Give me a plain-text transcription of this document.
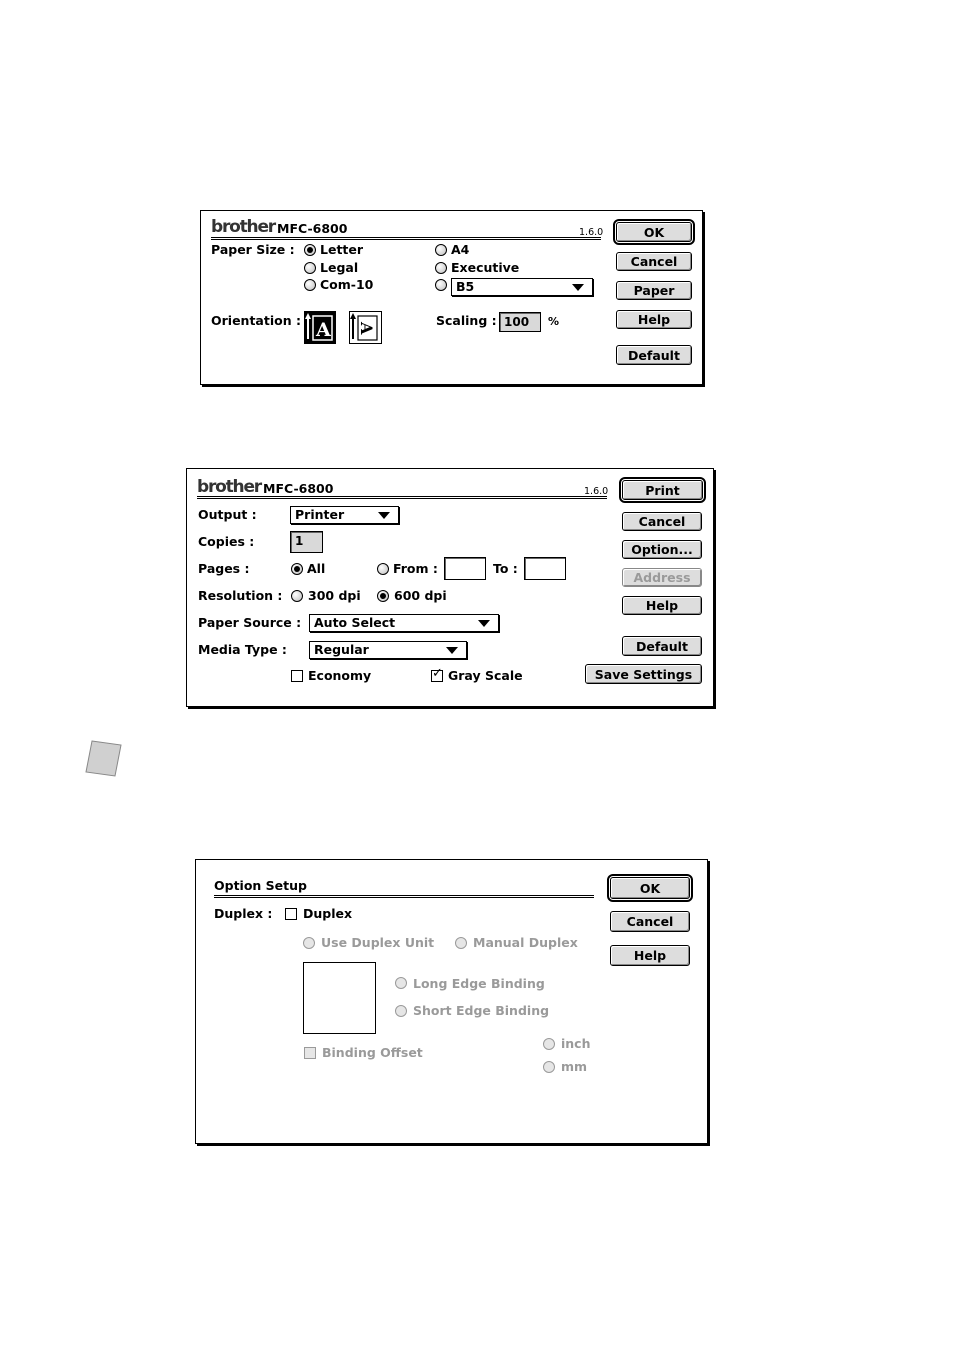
brother MFC-6800	1.6.0
Paper Size : Letter
Legal
Com-10
A4
Executive
B5
Orientation : A A
Scaling : 100	%
OK
Cancel
Paper
Help
Default
brother MFC-6800	1.6.0
Output :	Printer
Copies :	1
Pages :	All	From :	To :
Resolution : 300 dpi	600 dpi
Paper Source :	Auto Select
Media Type :	Regular
Economy	✓ Gray Scale
Print
Cancel
Option...
Address
Help
Default
Save Settings
Option Setup
Duplex : Duplex
Use Duplex Unit	Manual Duplex
Long Edge Binding
Short Edge Binding
Binding Offset
inch
mm
OK
Cancel
Help
